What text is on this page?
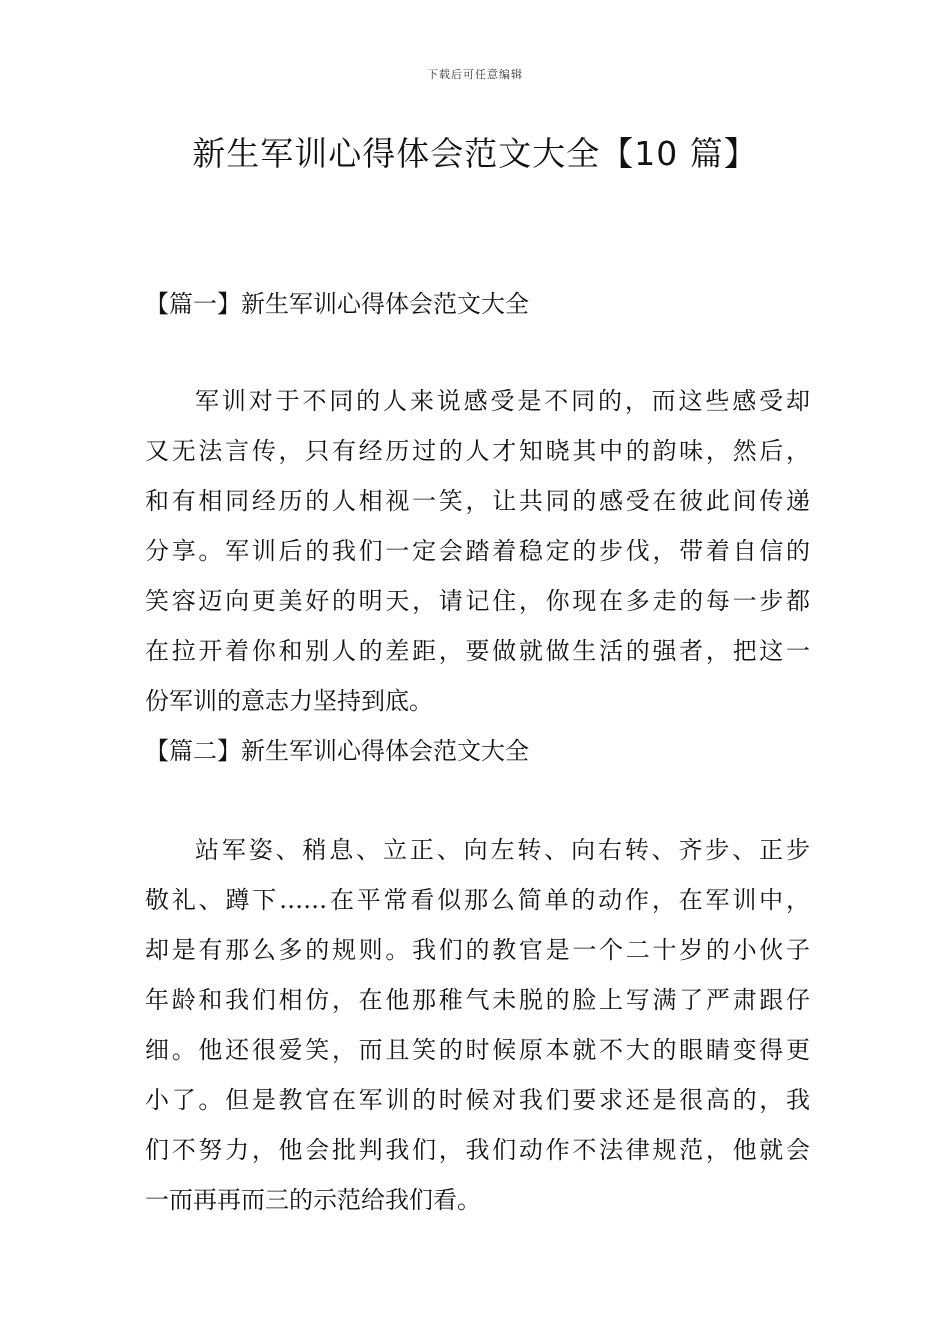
下载后可任意编辑
新生军训心得体会范文大全【10 篇】
【篇一】新生军训心得体会范文大全
军训对于不同的人来说感受是不同的，而这些感受却
又无法言传，只有经历过的人才知晓其中的韵味，然后，
和有相同经历的人相视一笑，让共同的感受在彼此间传递
分享。军训后的我们一定会踏着稳定的步伐，带着自信的
笑容迈向更美好的明天，请记住，你现在多走的每一步都
在拉开着你和别人的差距，要做就做生活的强者，把这一
份军训的意志力坚持到底。
【篇二】新生军训心得体会范文大全
站军姿、稍息、立正、向左转、向右转、齐步、正步
敬礼、蹲下……在平常看似那么简单的动作，在军训中，
却是有那么多的规则。我们的教官是一个二十岁的小伙子
年龄和我们相仿，在他那稚气未脱的脸上写满了严肃跟仔
细。他还很爱笑，而且笑的时候原本就不大的眼睛变得更
小了。但是教官在军训的时候对我们要求还是很高的，我
们不努力，他会批判我们，我们动作不法律规范，他就会
一而再再而三的示范给我们看。
